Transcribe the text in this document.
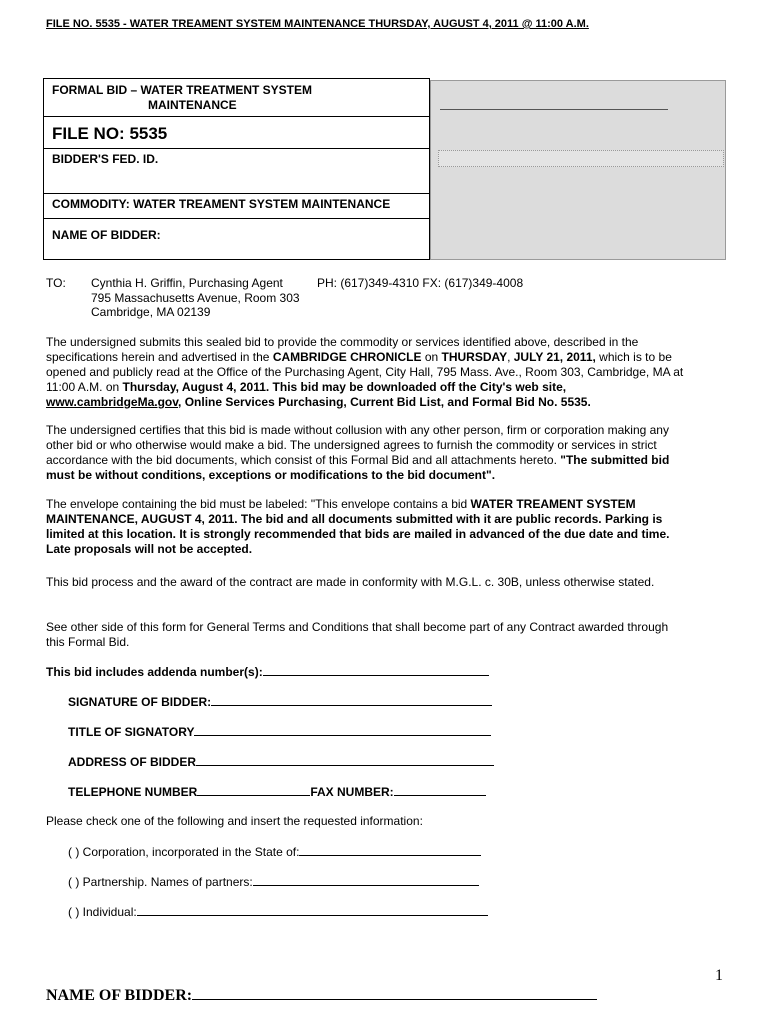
FILE NO. 5535 - WATER TREAMENT SYSTEM MAINTENANCE THURSDAY, AUGUST 4, 2011 @ 11:00 A.M.
FORMAL BID – WATER TREATMENT SYSTEM
MAINTENANCE
FILE NO: 5535
BIDDER'S FED. ID.
COMMODITY: WATER TREAMENT SYSTEM MAINTENANCE
NAME OF BIDDER:
TO: Cynthia H. Griffin, Purchasing Agent	PH: (617)349-4310 FX: (617)349-4008
795 Massachusetts Avenue, Room 303
Cambridge, MA 02139
The undersigned submits this sealed bid to provide the commodity or services identified above, described in the specifications herein and advertised in the CAMBRIDGE CHRONICLE on THURSDAY, JULY 21, 2011, which is to be opened and publicly read at the Office of the Purchasing Agent, City Hall, 795 Mass. Ave., Room 303, Cambridge, MA at 11:00 A.M. on Thursday, August 4, 2011. This bid may be downloaded off the City's web site, www.cambridgeMa.gov, Online Services Purchasing, Current Bid List, and Formal Bid No. 5535.
The undersigned certifies that this bid is made without collusion with any other person, firm or corporation making any other bid or who otherwise would make a bid. The undersigned agrees to furnish the commodity or services in strict accordance with the bid documents, which consist of this Formal Bid and all attachments hereto. "The submitted bid must be without conditions, exceptions or modifications to the bid document".
The envelope containing the bid must be labeled: "This envelope contains a bid WATER TREAMENT SYSTEM MAINTENANCE, AUGUST 4, 2011. The bid and all documents submitted with it are public records. Parking is limited at this location. It is strongly recommended that bids are mailed in advanced of the due date and time. Late proposals will not be accepted.
This bid process and the award of the contract are made in conformity with M.G.L. c. 30B, unless otherwise stated.
See other side of this form for General Terms and Conditions that shall become part of any Contract awarded through this Formal Bid.
This bid includes addenda number(s):
SIGNATURE OF BIDDER:
TITLE OF SIGNATORY
ADDRESS OF BIDDER
TELEPHONE NUMBER	FAX NUMBER:
Please check one of the following and insert the requested information:
( ) Corporation, incorporated in the State of:
( ) Partnership. Names of partners:
( ) Individual:
1
NAME OF BIDDER:
